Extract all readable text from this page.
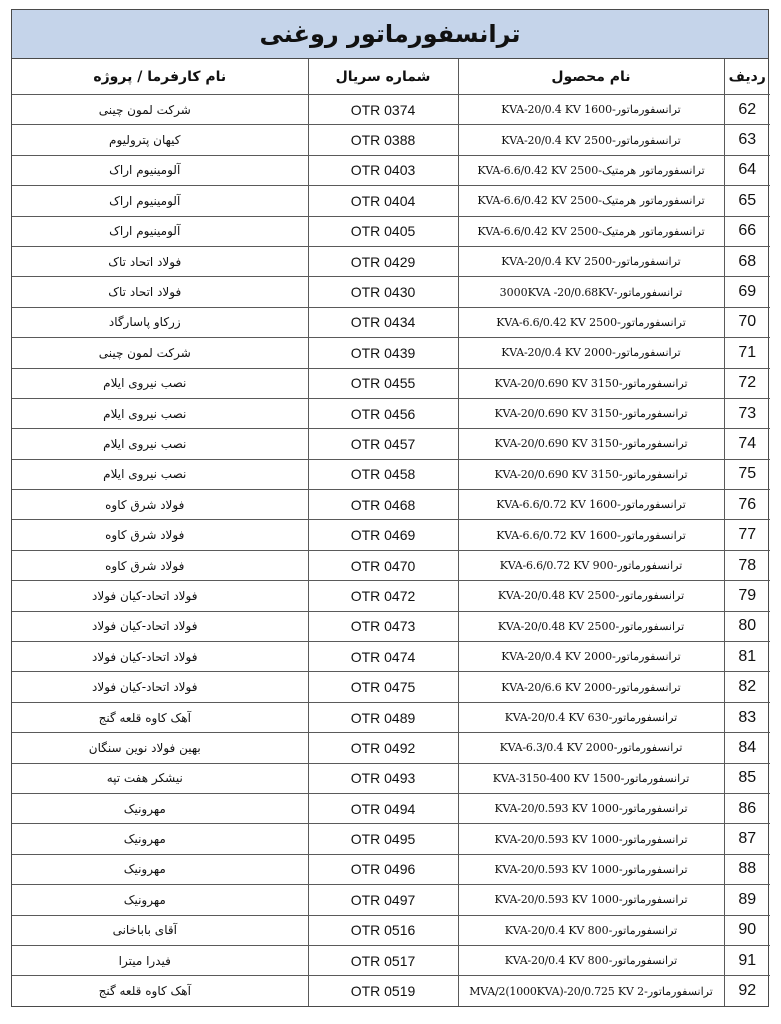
ترانسفورماتور روغنی
ردیف	نام محصول	شماره سریال	نام کارفرما / پروژه
62	ترانسفورماتور-1600 KVA-20/0.4 KV	OTR 0374	شرکت لمون چینی
63	ترانسفورماتور-2500 KVA-20/0.4 KV	OTR 0388	کیهان پترولیوم
64	ترانسفورماتور هرمتیک-2500 KVA-6.6/0.42 KV	OTR 0403	آلومینیوم اراک
65	ترانسفورماتور هرمتیک-2500 KVA-6.6/0.42 KV	OTR 0404	آلومینیوم اراک
66	ترانسفورماتور هرمتیک-2500 KVA-6.6/0.42 KV	OTR 0405	آلومینیوم اراک
68	ترانسفورماتور-2500 KVA-20/0.4 KV	OTR 0429	فولاد اتحاد تاک
69	ترانسفورماتور-3000KVA -20/0.68KV	OTR 0430	فولاد اتحاد تاک
70	ترانسفورماتور-2500 KVA-6.6/0.42 KV	OTR 0434	زرکاو پاسارگاد
71	ترانسفورماتور-2000 KVA-20/0.4 KV	OTR 0439	شرکت لمون چینی
72	ترانسفورماتور-3150 KVA-20/0.690 KV	OTR 0455	نصب نیروی ایلام
73	ترانسفورماتور-3150 KVA-20/0.690 KV	OTR 0456	نصب نیروی ایلام
74	ترانسفورماتور-3150 KVA-20/0.690 KV	OTR 0457	نصب نیروی ایلام
75	ترانسفورماتور-3150 KVA-20/0.690 KV	OTR 0458	نصب نیروی ایلام
76	ترانسفورماتور-1600 KVA-6.6/0.72 KV	OTR 0468	فولاد شرق کاوه
77	ترانسفورماتور-1600 KVA-6.6/0.72 KV	OTR 0469	فولاد شرق کاوه
78	ترانسفورماتور-900 KVA-6.6/0.72 KV	OTR 0470	فولاد شرق کاوه
79	ترانسفورماتور-2500 KVA-20/0.48 KV	OTR 0472	فولاد اتحاد-کیان فولاد
80	ترانسفورماتور-2500 KVA-20/0.48 KV	OTR 0473	فولاد اتحاد-کیان فولاد
81	ترانسفورماتور-2000 KVA-20/0.4 KV	OTR 0474	فولاد اتحاد-کیان فولاد
82	ترانسفورماتور-2000 KVA-20/6.6 KV	OTR 0475	فولاد اتحاد-کیان فولاد
83	ترانسفورماتور-630 KVA-20/0.4 KV	OTR 0489	آهک کاوه قلعه گنج
84	ترانسفورماتور-2000 KVA-6.3/0.4 KV	OTR 0492	بهین فولاد نوین سنگان
85	ترانسفورماتور-1500 KVA-3150-400 KV	OTR 0493	نیشکر هفت تپه
86	ترانسفورماتور-1000 KVA-20/0.593 KV	OTR 0494	مهرونیک
87	ترانسفورماتور-1000 KVA-20/0.593 KV	OTR 0495	مهرونیک
88	ترانسفورماتور-1000 KVA-20/0.593 KV	OTR 0496	مهرونیک
89	ترانسفورماتور-1000 KVA-20/0.593 KV	OTR 0497	مهرونیک
90	ترانسفورماتور-800 KVA-20/0.4 KV	OTR 0516	آقای باباخانی
91	ترانسفورماتور-800 KVA-20/0.4 KV	OTR 0517	فیدرا میترا
92	ترانسفورماتور-2 MVA/2(1000KVA)-20/0.725 KV	OTR 0519	آهک کاوه قلعه گنج
